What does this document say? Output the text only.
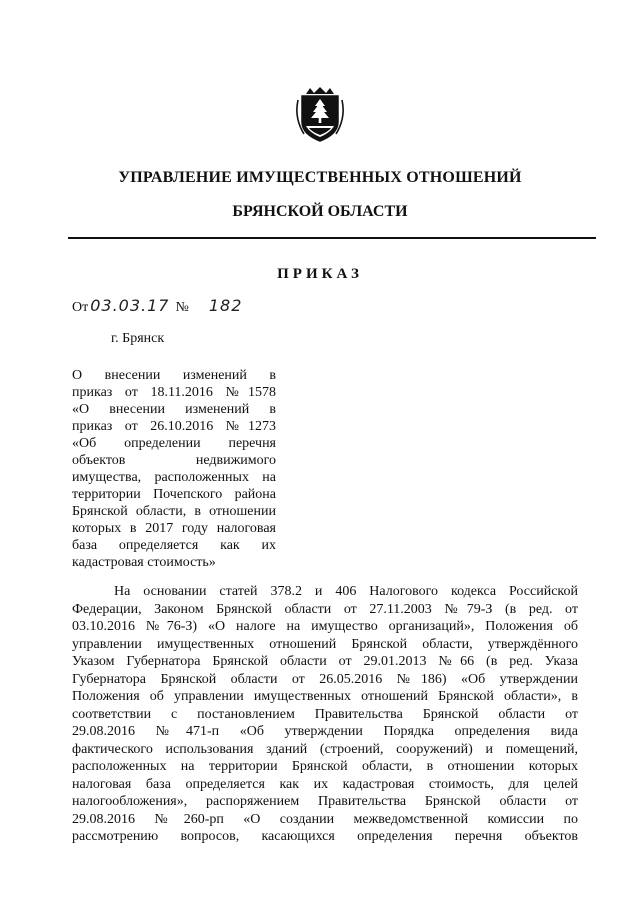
УПРАВЛЕНИЕ ИМУЩЕСТВЕННЫХ ОТНОШЕНИЙ
БРЯНСКОЙ ОБЛАСТИ
ПРИКАЗ
От 03.03.17 № 182
г. Брянск
О внесении изменений в
приказ от 18.11.2016 №1578
«О внесении изменений в
приказ от 26.10.2016 №1273
«Об определении перечня
объектов недвижимого
имущества, расположенных на
территории Почепского района
Брянской области, в отношении
которых в 2017 году налоговая
база определяется как их
кадастровая стоимость»
На основании статей 378.2 и 406 Налогового кодекса Российской
Федерации, Законом Брянской области от 27.11.2003 №79-З (в ред. от
03.10.2016 №76-З) «О налоге на имущество организаций», Положения об
управлении имущественных отношений Брянской области, утверждённого
Указом Губернатора Брянской области от 29.01.2013 №66 (в ред. Указа
Губернатора Брянской области от 26.05.2016 №186) «Об утверждении
Положения об управлении имущественных отношений Брянской области», в
соответствии с постановлением Правительства Брянской области от
29.08.2016 №471-п «Об утверждении Порядка определения вида
фактического использования зданий (строений, сооружений) и помещений,
расположенных на территории Брянской области, в отношении которых
налоговая база определяется как их кадастровая стоимость, для целей
налогообложения», распоряжением Правительства Брянской области от
29.08.2016 №260-рп «О создании межведомственной комиссии по
рассмотрению вопросов, касающихся определения перечня объектов
